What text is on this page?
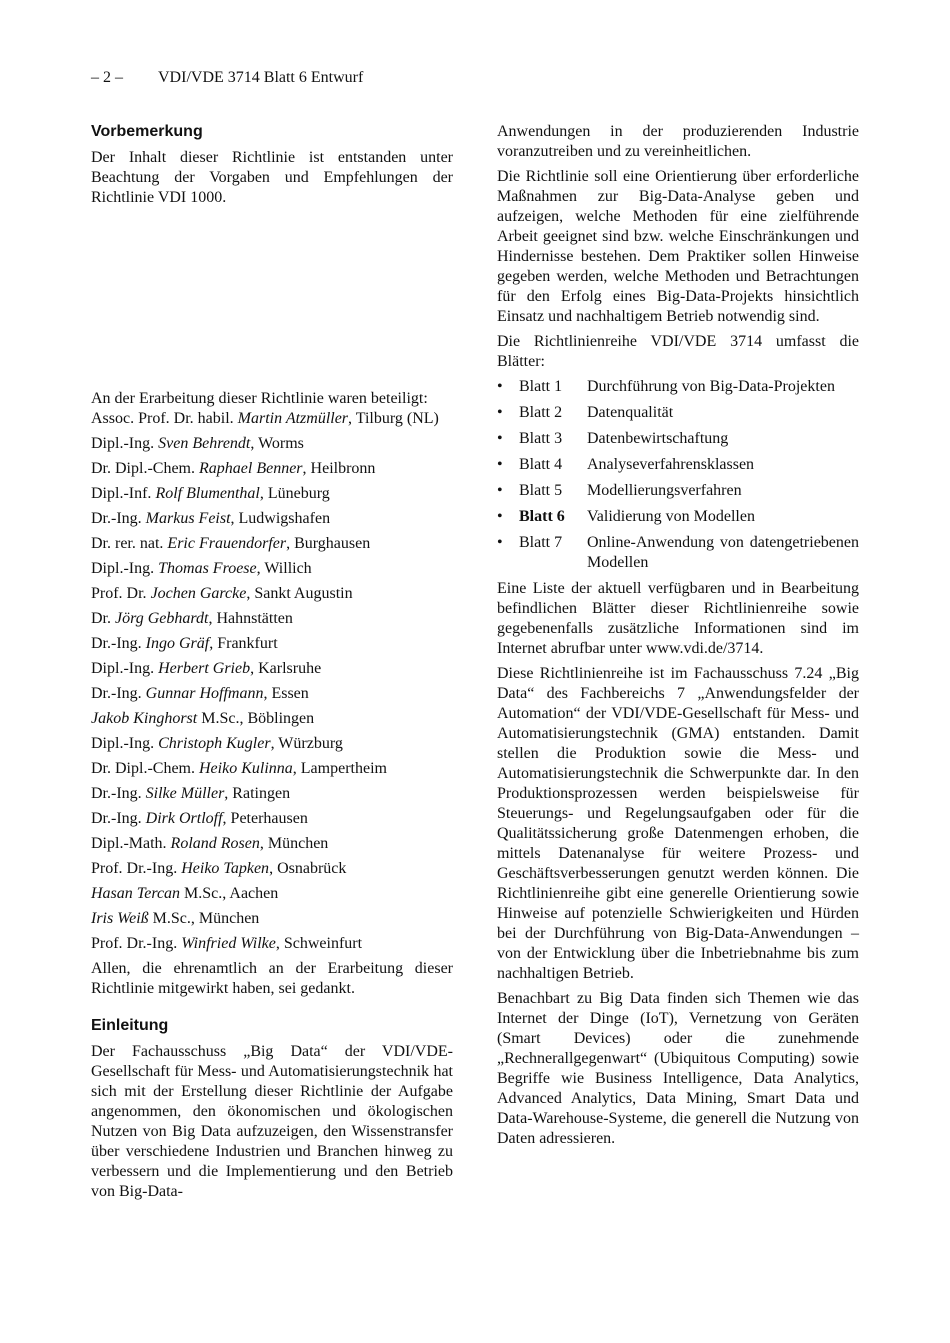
– 2 – VDI/VDE 3714 Blatt 6 Entwurf
Vorbemerkung

Der Inhalt dieser Richtlinie ist entstanden unter Beachtung der Vorgaben und Empfehlungen der Richtlinie VDI 1000.

An der Erarbeitung dieser Richtlinie waren beteiligt:

Assoc. Prof. Dr. habil. Martin Atzmüller, Tilburg (NL)
Dipl.-Ing. Sven Behrendt, Worms
Dr. Dipl.-Chem. Raphael Benner, Heilbronn
Dipl.-Inf. Rolf Blumenthal, Lüneburg
Dr.-Ing. Markus Feist, Ludwigshafen
Dr. rer. nat. Eric Frauendorfer, Burghausen
Dipl.-Ing. Thomas Froese, Willich
Prof. Dr. Jochen Garcke, Sankt Augustin
Dr. Jörg Gebhardt, Hahnstätten
Dr.-Ing. Ingo Gräf, Frankfurt
Dipl.-Ing. Herbert Grieb, Karlsruhe
Dr.-Ing. Gunnar Hoffmann, Essen
Jakob Kinghorst M.Sc., Böblingen
Dipl.-Ing. Christoph Kugler, Würzburg
Dr. Dipl.-Chem. Heiko Kulinna, Lampertheim
Dr.-Ing. Silke Müller, Ratingen
Dr.-Ing. Dirk Ortloff, Peterhausen
Dipl.-Math. Roland Rosen, München
Prof. Dr.-Ing. Heiko Tapken, Osnabrück
Hasan Tercan M.Sc., Aachen
Iris Weiß M.Sc., München
Prof. Dr.-Ing. Winfried Wilke, Schweinfurt

Allen, die ehrenamtlich an der Erarbeitung dieser Richtlinie mitgewirkt haben, sei gedankt.

Einleitung

Der Fachausschuss „Big Data“ der VDI/VDE-Gesellschaft für Mess- und Automatisierungstechnik hat sich mit der Erstellung dieser Richtlinie der Aufgabe angenommen, den ökonomischen und ökologischen Nutzen von Big Data aufzuzeigen, den Wissenstransfer über verschiedene Industrien und Branchen hinweg zu verbessern und die Implementierung und den Betrieb von Big-Data-

Anwendungen in der produzierenden Industrie voranzutreiben und zu vereinheitlichen.

Die Richtlinie soll eine Orientierung über erforderliche Maßnahmen zur Big-Data-Analyse geben und aufzeigen, welche Methoden für eine zielführende Arbeit geeignet sind bzw. welche Einschränkungen und Hindernisse bestehen. Dem Praktiker sollen Hinweise gegeben werden, welche Methoden und Betrachtungen für den Erfolg eines Big-Data-Projekts hinsichtlich Einsatz und nachhaltigem Betrieb notwendig sind.

Die Richtlinienreihe VDI/VDE 3714 umfasst die Blätter:

•	Blatt 1	Durchführung von Big-Data-Projekten
•	Blatt 2	Datenqualität
•	Blatt 3	Datenbewirtschaftung
•	Blatt 4	Analyseverfahrensklassen
•	Blatt 5	Modellierungsverfahren
•	Blatt 6	Validierung von Modellen
•	Blatt 7	Online-Anwendung von datengetriebenen Modellen

Eine Liste der aktuell verfügbaren und in Bearbeitung befindlichen Blätter dieser Richtlinienreihe sowie gegebenenfalls zusätzliche Informationen sind im Internet abrufbar unter www.vdi.de/3714.

Diese Richtlinienreihe ist im Fachausschuss 7.24 „Big Data“ des Fachbereichs 7 „Anwendungsfelder der Automation“ der VDI/VDE-Gesellschaft für Mess- und Automatisierungstechnik (GMA) entstanden. Damit stellen die Produktion sowie die Mess- und Automatisierungstechnik die Schwerpunkte dar. In den Produktionsprozessen werden beispielsweise für Steuerungs- und Regelungsaufgaben oder für die Qualitätssicherung große Datenmengen erhoben, die mittels Datenanalyse für weitere Prozess- und Geschäftsverbesserungen genutzt werden können. Die Richtlinienreihe gibt eine generelle Orientierung sowie Hinweise auf potenzielle Schwierigkeiten und Hürden bei der Durchführung von Big-Data-Anwendungen – von der Entwicklung über die Inbetriebnahme bis zum nachhaltigen Betrieb.

Benachbart zu Big Data finden sich Themen wie das Internet der Dinge (IoT), Vernetzung von Geräten (Smart Devices) oder die zunehmende „Rechnerallgegenwart“ (Ubiquitous Computing) sowie Begriffe wie Business Intelligence, Data Analytics, Advanced Analytics, Data Mining, Smart Data und Data-Warehouse-Systeme, die generell die Nutzung von Daten adressieren.
